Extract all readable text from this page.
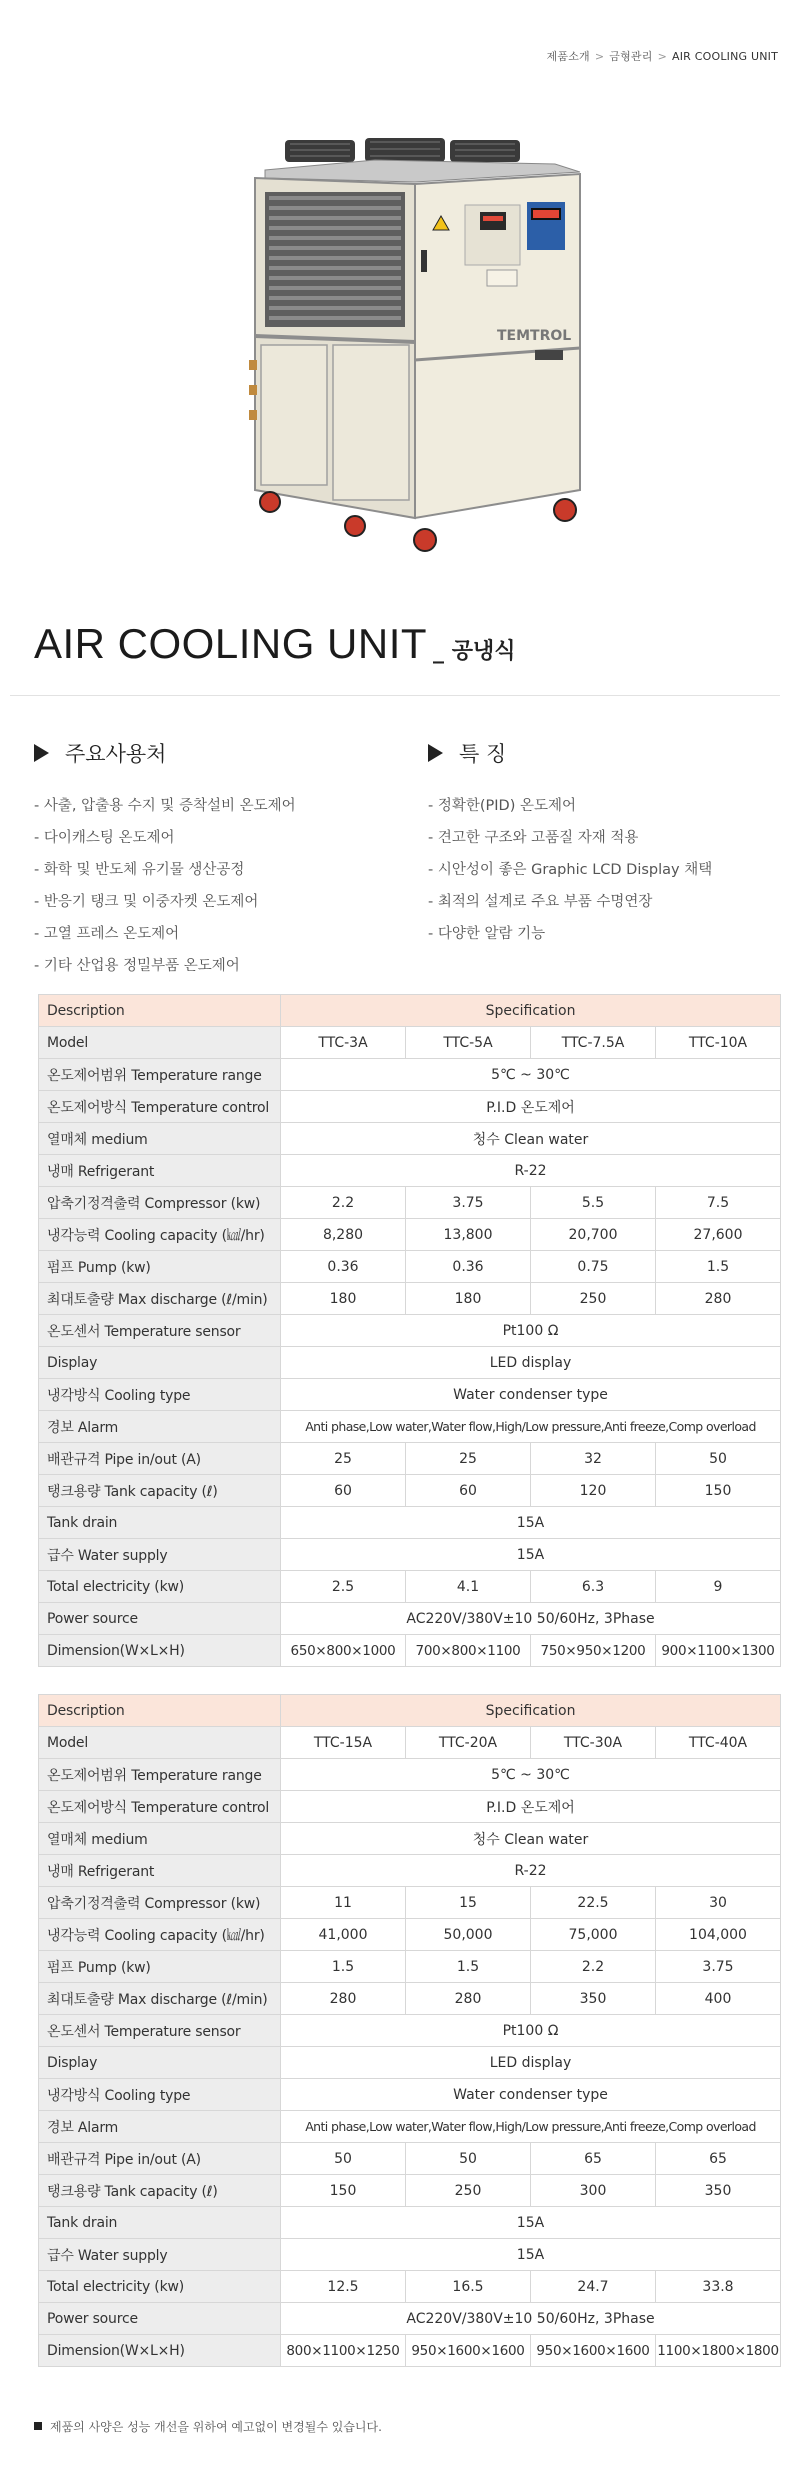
제품소개 > 금형관리 > AIR COOLING UNIT
TEMTROL
AIR COOLING UNIT _ 공냉식
주요사용처
- 사출, 압출용 수지 및 증착설비 온도제어
- 다이캐스팅 온도제어
- 화학 및 반도체 유기물 생산공정
- 반응기 탱크 및 이중자켓 온도제어
- 고열 프레스 온도제어
- 기타 산업용 정밀부품 온도제어
특 징
- 정확한(PID) 온도제어
- 견고한 구조와 고품질 자재 적용
- 시안성이 좋은 Graphic LCD Display 채택
- 최적의 설계로 주요 부품 수명연장
- 다양한 알람 기능
Description	Specification			
Model	TTC-3A	TTC-5A	TTC-7.5A	TTC-10A
온도제어범위 Temperature range	5℃ ~ 30℃			
온도제어방식 Temperature control	P.I.D 온도제어			
열매체 medium	청수 Clean water			
냉매 Refrigerant	R-22			
압축기정격출력 Compressor (kw)	2.2	3.75	5.5	7.5
냉각능력 Cooling capacity (㎉/hr)	8,280	13,800	20,700	27,600
펌프 Pump (kw)	0.36	0.36	0.75	1.5
최대토출량 Max discharge (ℓ/min)	180	180	250	280
온도센서 Temperature sensor	Pt100 Ω			
Display	LED display			
냉각방식 Cooling type	Water condenser type			
경보 Alarm	Anti phase,Low water,Water flow,High/Low pressure,Anti freeze,Comp overload			
배관규격 Pipe in/out (A)	25	25	32	50
탱크용량 Tank capacity (ℓ)	60	60	120	150
Tank drain	15A			
급수 Water supply	15A			
Total electricity (kw)	2.5	4.1	6.3	9
Power source	AC220V/380V±10 50/60Hz, 3Phase			
Dimension(W×L×H)	650×800×1000	700×800×1100	750×950×1200	900×1100×1300
Description	Specification			
Model	TTC-15A	TTC-20A	TTC-30A	TTC-40A
온도제어범위 Temperature range	5℃ ~ 30℃			
온도제어방식 Temperature control	P.I.D 온도제어			
열매체 medium	청수 Clean water			
냉매 Refrigerant	R-22			
압축기정격출력 Compressor (kw)	11	15	22.5	30
냉각능력 Cooling capacity (㎉/hr)	41,000	50,000	75,000	104,000
펌프 Pump (kw)	1.5	1.5	2.2	3.75
최대토출량 Max discharge (ℓ/min)	280	280	350	400
온도센서 Temperature sensor	Pt100 Ω			
Display	LED display			
냉각방식 Cooling type	Water condenser type			
경보 Alarm	Anti phase,Low water,Water flow,High/Low pressure,Anti freeze,Comp overload			
배관규격 Pipe in/out (A)	50	50	65	65
탱크용량 Tank capacity (ℓ)	150	250	300	350
Tank drain	15A			
급수 Water supply	15A			
Total electricity (kw)	12.5	16.5	24.7	33.8
Power source	AC220V/380V±10 50/60Hz, 3Phase			
Dimension(W×L×H)	800×1100×1250	950×1600×1600	950×1600×1600	1100×1800×1800
제품의 사양은 성능 개선을 위하여 예고없이 변경될수 있습니다.
